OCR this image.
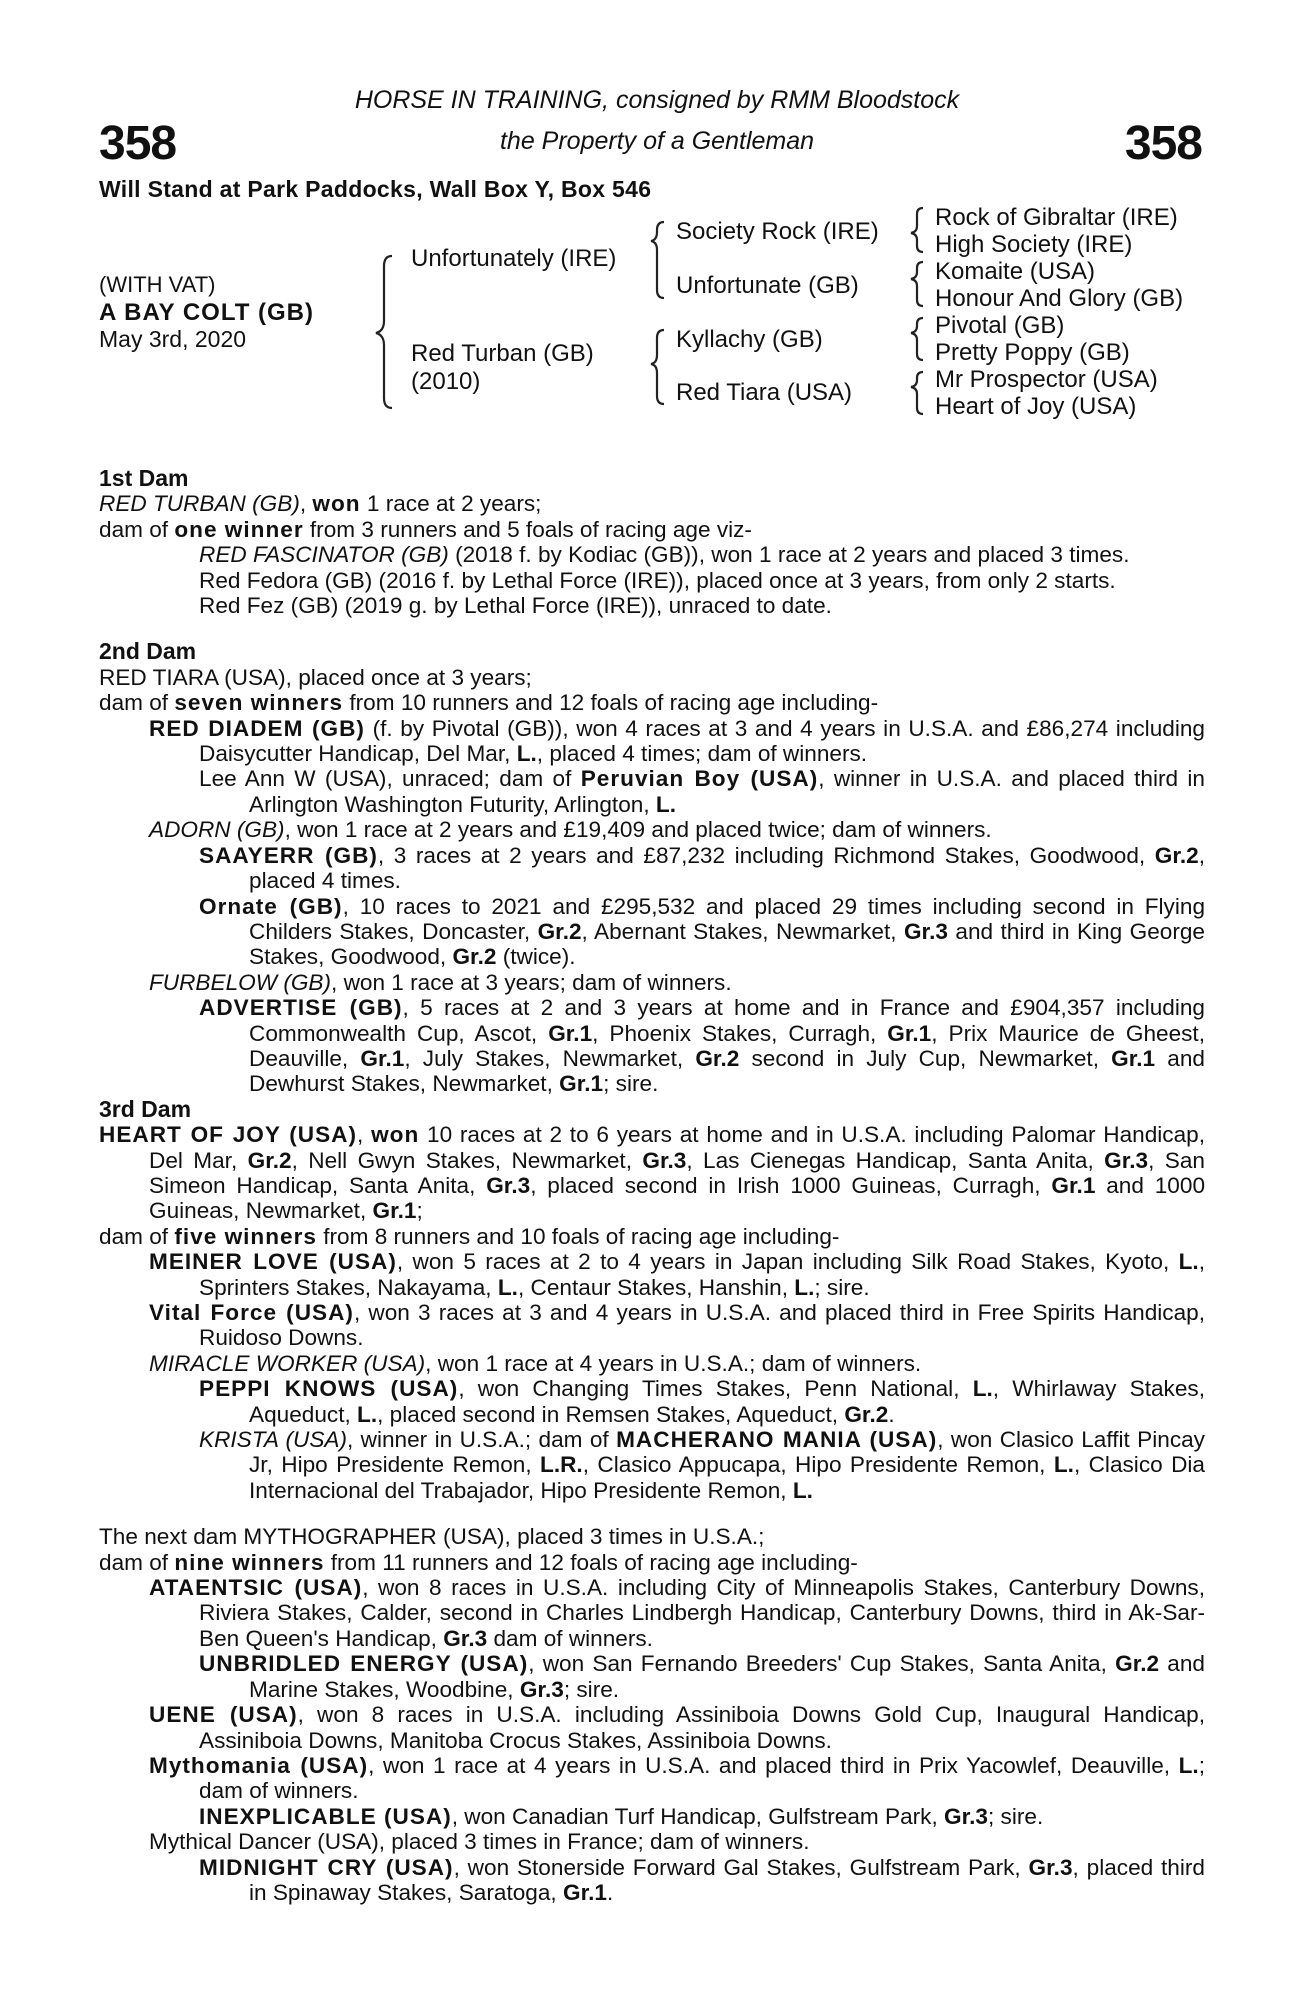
358	358
HORSE IN TRAINING, consigned by RMM Bloodstock
the Property of a Gentleman
Will Stand at Park Paddocks, Wall Box Y, Box 546
(WITH VAT)
A BAY COLT (GB)
May 3rd, 2020
Unfortunately (IRE)
Red Turban (GB)
(2010)
Society Rock (IRE)
Unfortunate (GB)
Kyllachy (GB)
Red Tiara (USA)
Rock of Gibraltar (IRE)
High Society (IRE)
Komaite (USA)
Honour And Glory (GB)
Pivotal (GB)
Pretty Poppy (GB)
Mr Prospector (USA)
Heart of Joy (USA)

1st Dam

RED TURBAN (GB), won 1 race at 2 years;

dam of one winner from 3 runners and 5 foals of racing age viz-

RED FASCINATOR (GB) (2018 f. by Kodiac (GB)), won 1 race at 2 years and placed 3 times.

Red Fedora (GB) (2016 f. by Lethal Force (IRE)), placed once at 3 years, from only 2 starts.

Red Fez (GB) (2019 g. by Lethal Force (IRE)), unraced to date.

2nd Dam

RED TIARA (USA), placed once at 3 years;

dam of seven winners from 10 runners and 12 foals of racing age including-

RED DIADEM (GB) (f. by Pivotal (GB)), won 4 races at 3 and 4 years in U.S.A. and £86,274 including Daisycutter Handicap, Del Mar, L., placed 4 times; dam of winners.

Lee Ann W (USA), unraced; dam of Peruvian Boy (USA), winner in U.S.A. and placed third in Arlington Washington Futurity, Arlington, L.

ADORN (GB), won 1 race at 2 years and £19,409 and placed twice; dam of winners.

SAAYERR (GB), 3 races at 2 years and £87,232 including Richmond Stakes, Goodwood, Gr.2, placed 4 times.

Ornate (GB), 10 races to 2021 and £295,532 and placed 29 times including second in Flying Childers Stakes, Doncaster, Gr.2, Abernant Stakes, Newmarket, Gr.3 and third in King George Stakes, Goodwood, Gr.2 (twice).

FURBELOW (GB), won 1 race at 3 years; dam of winners.

ADVERTISE (GB), 5 races at 2 and 3 years at home and in France and £904,357 including Commonwealth Cup, Ascot, Gr.1, Phoenix Stakes, Curragh, Gr.1, Prix Maurice de Gheest, Deauville, Gr.1, July Stakes, Newmarket, Gr.2 second in July Cup, Newmarket, Gr.1 and Dewhurst Stakes, Newmarket, Gr.1; sire.

3rd Dam

HEART OF JOY (USA), won 10 races at 2 to 6 years at home and in U.S.A. including Palomar Handicap, Del Mar, Gr.2, Nell Gwyn Stakes, Newmarket, Gr.3, Las Cienegas Handicap, Santa Anita, Gr.3, San Simeon Handicap, Santa Anita, Gr.3, placed second in Irish 1000 Guineas, Curragh, Gr.1 and 1000 Guineas, Newmarket, Gr.1;

dam of five winners from 8 runners and 10 foals of racing age including-

MEINER LOVE (USA), won 5 races at 2 to 4 years in Japan including Silk Road Stakes, Kyoto, L., Sprinters Stakes, Nakayama, L., Centaur Stakes, Hanshin, L.; sire.

Vital Force (USA), won 3 races at 3 and 4 years in U.S.A. and placed third in Free Spirits Handicap, Ruidoso Downs.

MIRACLE WORKER (USA), won 1 race at 4 years in U.S.A.; dam of winners.

PEPPI KNOWS (USA), won Changing Times Stakes, Penn National, L., Whirlaway Stakes, Aqueduct, L., placed second in Remsen Stakes, Aqueduct, Gr.2.

KRISTA (USA), winner in U.S.A.; dam of MACHERANO MANIA (USA), won Clasico Laffit Pincay Jr, Hipo Presidente Remon, L.R., Clasico Appucapa, Hipo Presidente Remon, L., Clasico Dia Internacional del Trabajador, Hipo Presidente Remon, L.

The next dam MYTHOGRAPHER (USA), placed 3 times in U.S.A.;

dam of nine winners from 11 runners and 12 foals of racing age including-

ATAENTSIC (USA), won 8 races in U.S.A. including City of Minneapolis Stakes, Canterbury Downs, Riviera Stakes, Calder, second in Charles Lindbergh Handicap, Canterbury Downs, third in Ak-Sar-Ben Queen's Handicap, Gr.3 dam of winners.

UNBRIDLED ENERGY (USA), won San Fernando Breeders' Cup Stakes, Santa Anita, Gr.2 and Marine Stakes, Woodbine, Gr.3; sire.

UENE (USA), won 8 races in U.S.A. including Assiniboia Downs Gold Cup, Inaugural Handicap, Assiniboia Downs, Manitoba Crocus Stakes, Assiniboia Downs.

Mythomania (USA), won 1 race at 4 years in U.S.A. and placed third in Prix Yacowlef, Deauville, L.; dam of winners.

INEXPLICABLE (USA), won Canadian Turf Handicap, Gulfstream Park, Gr.3; sire.

Mythical Dancer (USA), placed 3 times in France; dam of winners.

MIDNIGHT CRY (USA), won Stonerside Forward Gal Stakes, Gulfstream Park, Gr.3, placed third in Spinaway Stakes, Saratoga, Gr.1.
